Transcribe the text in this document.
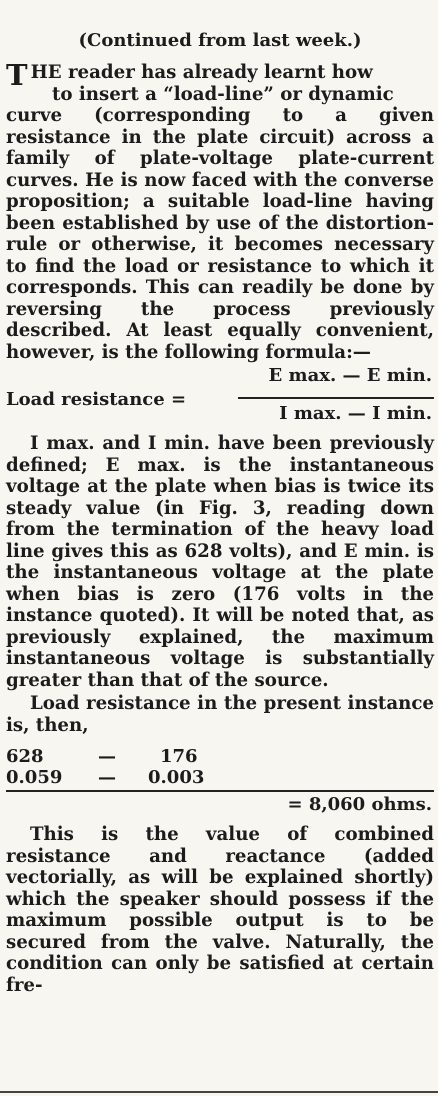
(Continued from last week.)
T HE reader has already learnt how

to insert a “load-line” or dynamic

curve (corresponding to a given resistance in the plate circuit) across a family of plate-voltage plate-current curves. He is now faced with the converse proposition; a suitable load-line having been established by use of the distortion-rule or otherwise, it becomes necessary to find the load or resistance to which it corresponds. This can readily be done by reversing the process previously described. At least equally convenient, however, is the following formula:—

E max. — E min.
Load resistance =
I max. — I min.

I max. and I min. have been previously defined; E max. is the instantaneous voltage at the plate when bias is twice its steady value (in Fig. 3, reading down from the termination of the heavy load line gives this as 628 volts), and E min. is the instantaneous voltage at the plate when bias is zero (176 volts in the instance quoted). It will be noted that, as previously explained, the maximum instantaneous voltage is substantially greater than that of the source.

Load resistance in the present instance is, then,

628	— 176
0.059 — 0.003
= 8,060 ohms.

This is the value of combined resistance and reactance (added vectorially, as will be explained shortly) which the speaker should possess if the maximum possible output is to be secured from the valve. Naturally, the condition can only be satisfied at certain fre-
